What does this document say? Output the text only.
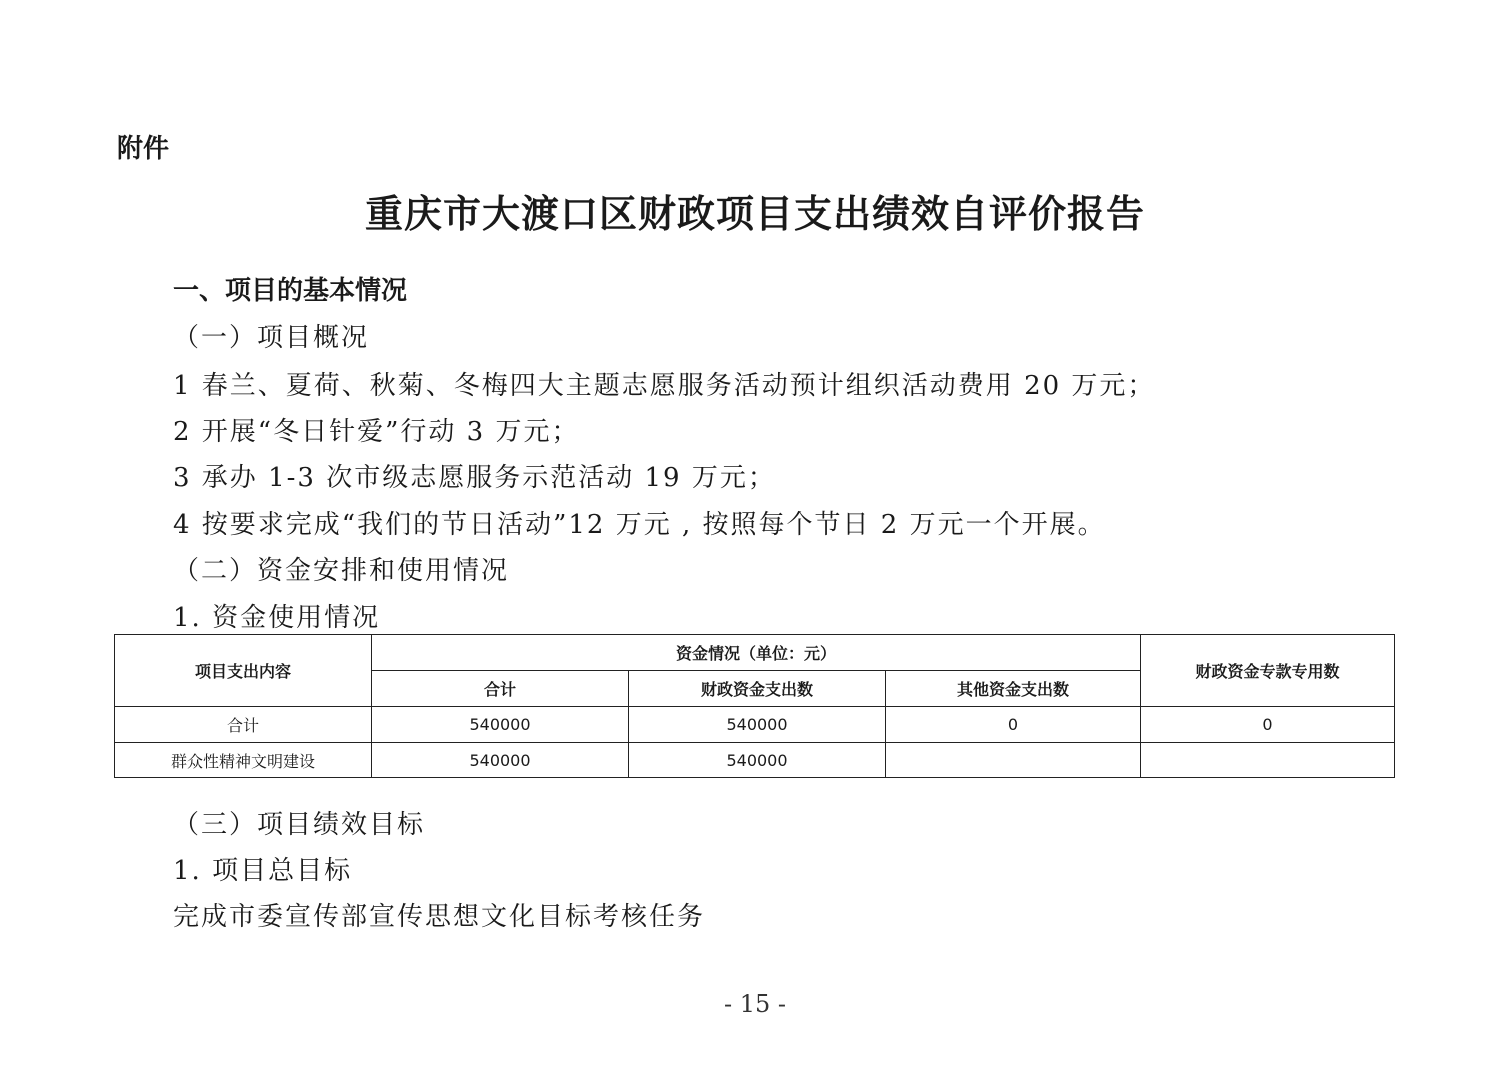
附件
重庆市大渡口区财政项目支出绩效自评价报告
一、项目的基本情况
（一）项目概况
1 春兰、夏荷、秋菊、冬梅四大主题志愿服务活动预计组织活动费用 20 万元；
2 开展“冬日针爱”行动 3 万元；
3 承办 1-3 次市级志愿服务示范活动 19 万元；
4 按要求完成“我们的节日活动”12 万元 , 按照每个节日 2 万元一个开展。
（二）资金安排和使用情况
1. 资金使用情况
项目支出内容	资金情况（单位：元）			财政资金专款专用数
	合计	财政资金支出数	其他资金支出数	
合计	540000	540000	0	0
群众性精神文明建设	540000	540000		
（三）项目绩效目标
1. 项目总目标
完成市委宣传部宣传思想文化目标考核任务
- 15 -
